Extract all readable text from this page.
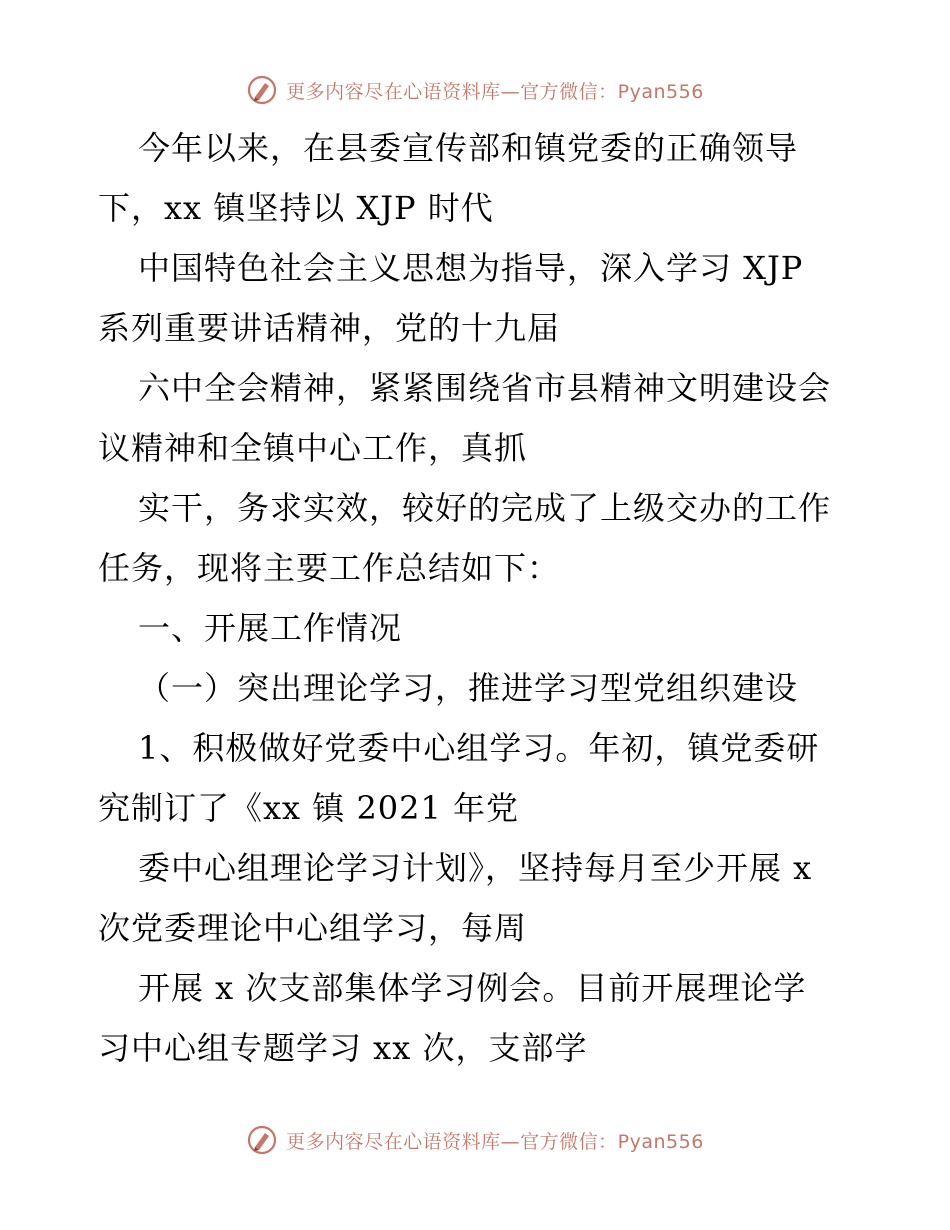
更多内容尽在心语资料库—官方微信：Pyan556

今年以来，在县委宣传部和镇党委的正确领导

下，xx 镇坚持以 XJP 时代

中国特色社会主义思想为指导，深入学习 XJP

系列重要讲话精神，党的十九届

六中全会精神，紧紧围绕省市县精神文明建设会

议精神和全镇中心工作，真抓

实干，务求实效，较好的完成了上级交办的工作

任务，现将主要工作总结如下：

一、开展工作情况

（一）突出理论学习，推进学习型党组织建设

1、积极做好党委中心组学习。年初，镇党委研

究制订了《xx 镇 2021 年党

委中心组理论学习计划》，坚持每月至少开展 x

次党委理论中心组学习，每周

开展 x 次支部集体学习例会。目前开展理论学

习中心组专题学习 xx 次，支部学

更多内容尽在心语资料库—官方微信：Pyan556
